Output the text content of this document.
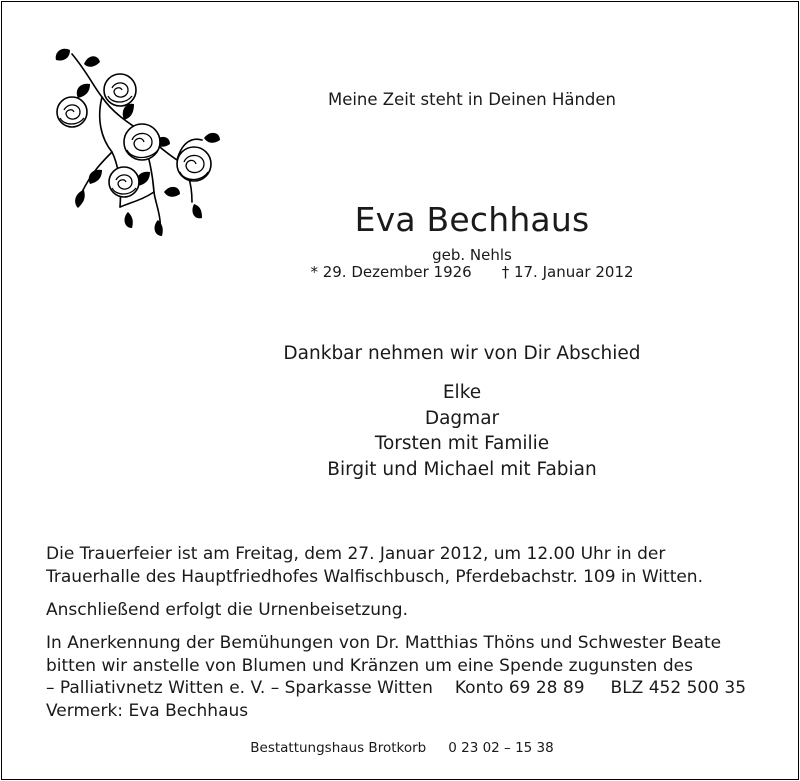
Meine Zeit steht in Deinen Händen
Eva Bechhaus
geb. Nehls
* 29. Dezember 1926 † 17. Januar 2012
Dankbar nehmen wir von Dir Abschied
Elke
Dagmar
Torsten mit Familie
Birgit und Michael mit Fabian
Die Trauerfeier ist am Freitag, dem 27. Januar 2012, um 12.00 Uhr in der
Trauerhalle des Hauptfriedhofes Walfischbusch, Pferdebachstr. 109 in Witten.
Anschließend erfolgt die Urnenbeisetzung.
In Anerkennung der Bemühungen von Dr. Matthias Thöns und Schwester Beate
bitten wir anstelle von Blumen und Kränzen um eine Spende zugunsten des
– Palliativnetz Witten e. V. – Sparkasse Witten Konto 69 28 89 BLZ 452 500 35
Vermerk: Eva Bechhaus
Bestattungshaus Brotkorb 0 23 02 – 15 38
